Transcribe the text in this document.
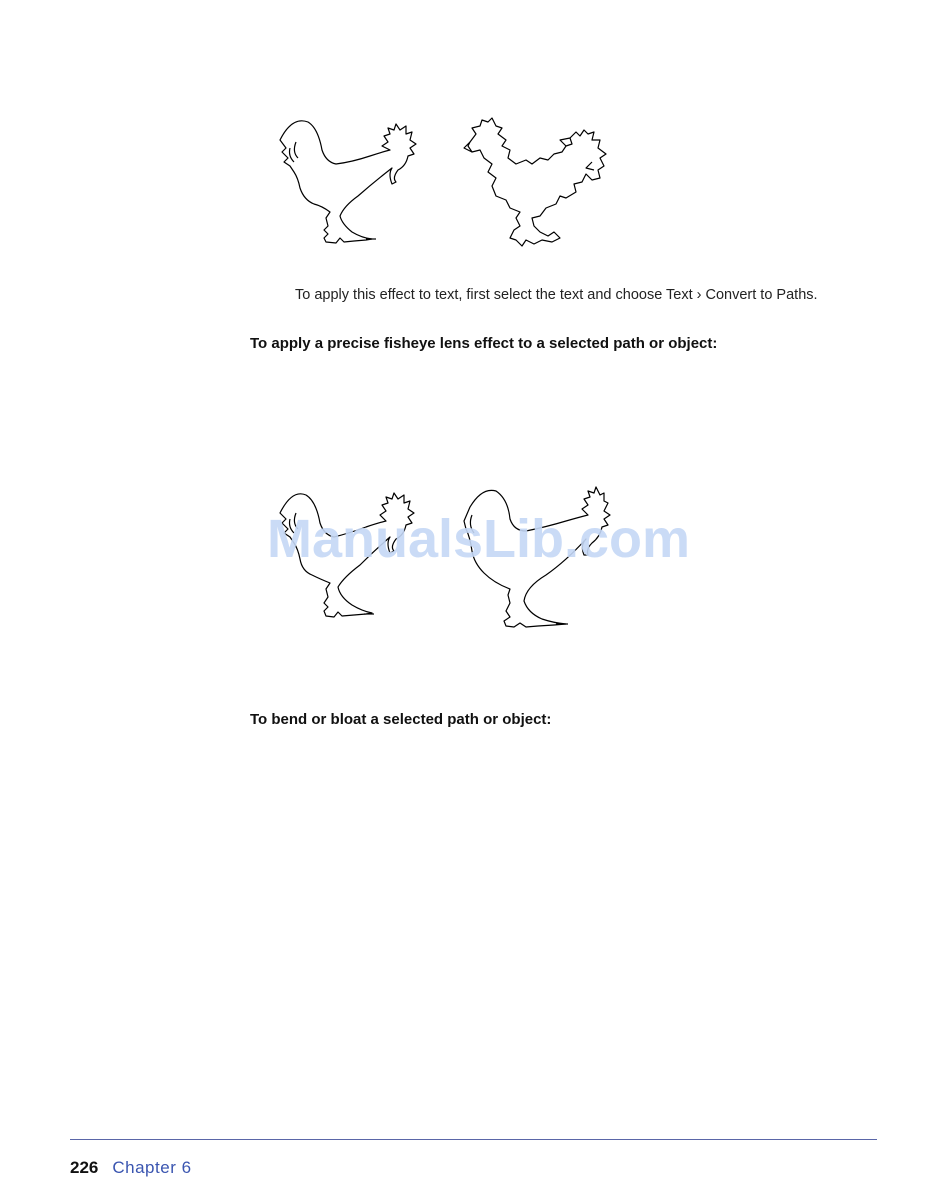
To apply this effect to text, first select the text and choose Text › Convert to Paths.
To apply a precise fisheye lens effect to a selected path or object:
ManualsLib.com
To bend or bloat a selected path or object:
226 Chapter 6
